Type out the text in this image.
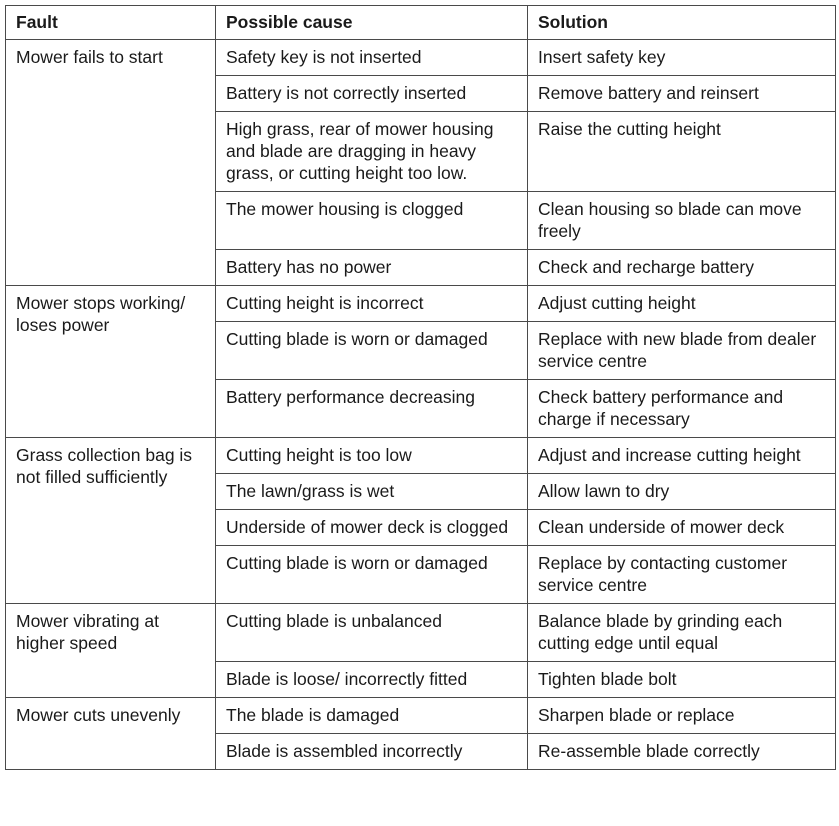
Fault	Possible cause	Solution
Mower fails to start	Safety key is not inserted	Insert safety key
	Battery is not correctly inserted	Remove battery and reinsert
	High grass, rear of mower housing and blade are dragging in heavy grass, or cutting height too low.	Raise the cutting height
	The mower housing is clogged	Clean housing so blade can move freely
	Battery has no power	Check and recharge battery
Mower stops working/ loses power	Cutting height is incorrect	Adjust cutting height
	Cutting blade is worn or damaged	Replace with new blade from dealer service centre
	Battery performance decreasing	Check battery performance and charge if necessary
Grass collection bag is not filled sufficiently	Cutting height is too low	Adjust and increase cutting height
	The lawn/grass is wet	Allow lawn to dry
	Underside of mower deck is clogged	Clean underside of mower deck
	Cutting blade is worn or damaged	Replace by contacting customer service centre
Mower vibrating at higher speed	Cutting blade is unbalanced	Balance blade by grinding each cutting edge until equal
	Blade is loose/ incorrectly fitted	Tighten blade bolt
Mower cuts unevenly	The blade is damaged	Sharpen blade or replace
	Blade is assembled incorrectly	Re-assemble blade correctly
